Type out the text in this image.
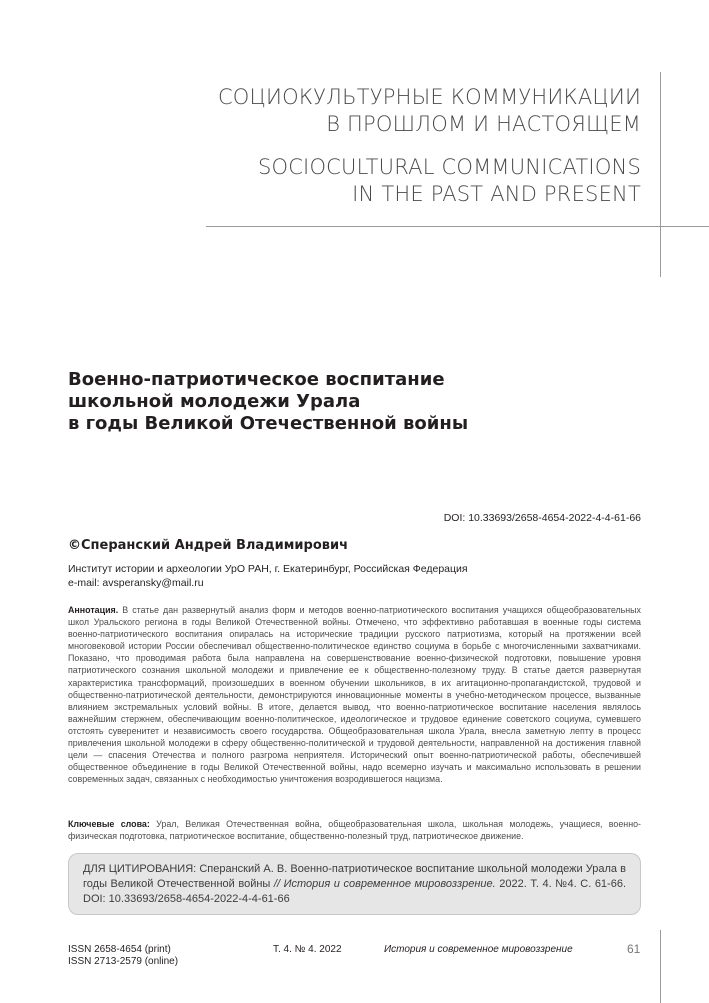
СОЦИОКУЛЬТУРНЫЕ КОММУНИКАЦИИ
В ПРОШЛОМ И НАСТОЯЩЕМ
SOCIOCULTURAL COMMUNICATIONS
IN THE PAST AND PRESENT
Военно-патриотическое воспитание
школьной молодежи Урала
в годы Великой Отечественной войны
DOI: 10.33693/2658-4654-2022-4-4-61-66
©Сперанский Андрей Владимирович
Институт истории и археологии УрО РАН, г. Екатеринбург, Российская Федерация
e-mail: avsperansky@mail.ru
Аннотация. В статье дан развернутый анализ форм и методов военно-патриотического воспитания учащихся общеобразовательных школ Уральского региона в годы Великой Отечественной войны. Отмечено, что эффективно работавшая в военные годы система военно-патриотического воспитания опиралась на исторические традиции русского патриотизма, который на протяжении всей многовековой истории России обеспечивал общественно-политическое единство социума в борьбе с многочисленными захватчиками. Показано, что проводимая работа была направлена на совершенствование военно-физической подготовки, повышение уровня патриотического сознания школьной молодежи и привлечение ее к общественно-полезному труду. В статье дается развернутая характеристика трансформаций, произошедших в военном обучении школьников, в их агитационно-пропагандистской, трудовой и общественно-патриотической деятельности, демонстрируются инновационные моменты в учебно-методическом процессе, вызванные влиянием экстремальных условий войны. В итоге, делается вывод, что военно-патриотическое воспитание населения являлось важнейшим стержнем, обеспечивающим военно-политическое, идеологическое и трудовое единение советского социума, сумевшего отстоять суверенитет и независимость своего государства. Общеобразовательная школа Урала, внесла заметную лепту в процесс привлечения школьной молодежи в сферу общественно-политической и трудовой деятельности, направленной на достижения главной цели — спасения Отечества и полного разгрома неприятеля. Исторический опыт военно-патриотической работы, обеспечившей общественное объединение в годы Великой Отечественной войны, надо всемерно изучать и максимально использовать в решении современных задач, связанных с необходимостью уничтожения возродившегося нацизма.
Ключевые слова: Урал, Великая Отечественная война, общеобразовательная школа, школьная молодежь, учащиеся, военно-физическая подготовка, патриотическое воспитание, общественно-полезный труд, патриотическое движение.
ДЛЯ ЦИТИРОВАНИЯ: Сперанский А. В. Военно-патриотическое воспитание школьной молодежи Урала в годы Великой Отечественной войны // История и современное мировоззрение. 2022. Т. 4. №4. С. 61-66. DOI: 10.33693/2658-4654-2022-4-4-61-66
ISSN 2658-4654 (print)
ISSN 2713-2579 (online)
Т. 4. № 4. 2022	История и современное мировоззрение	61
